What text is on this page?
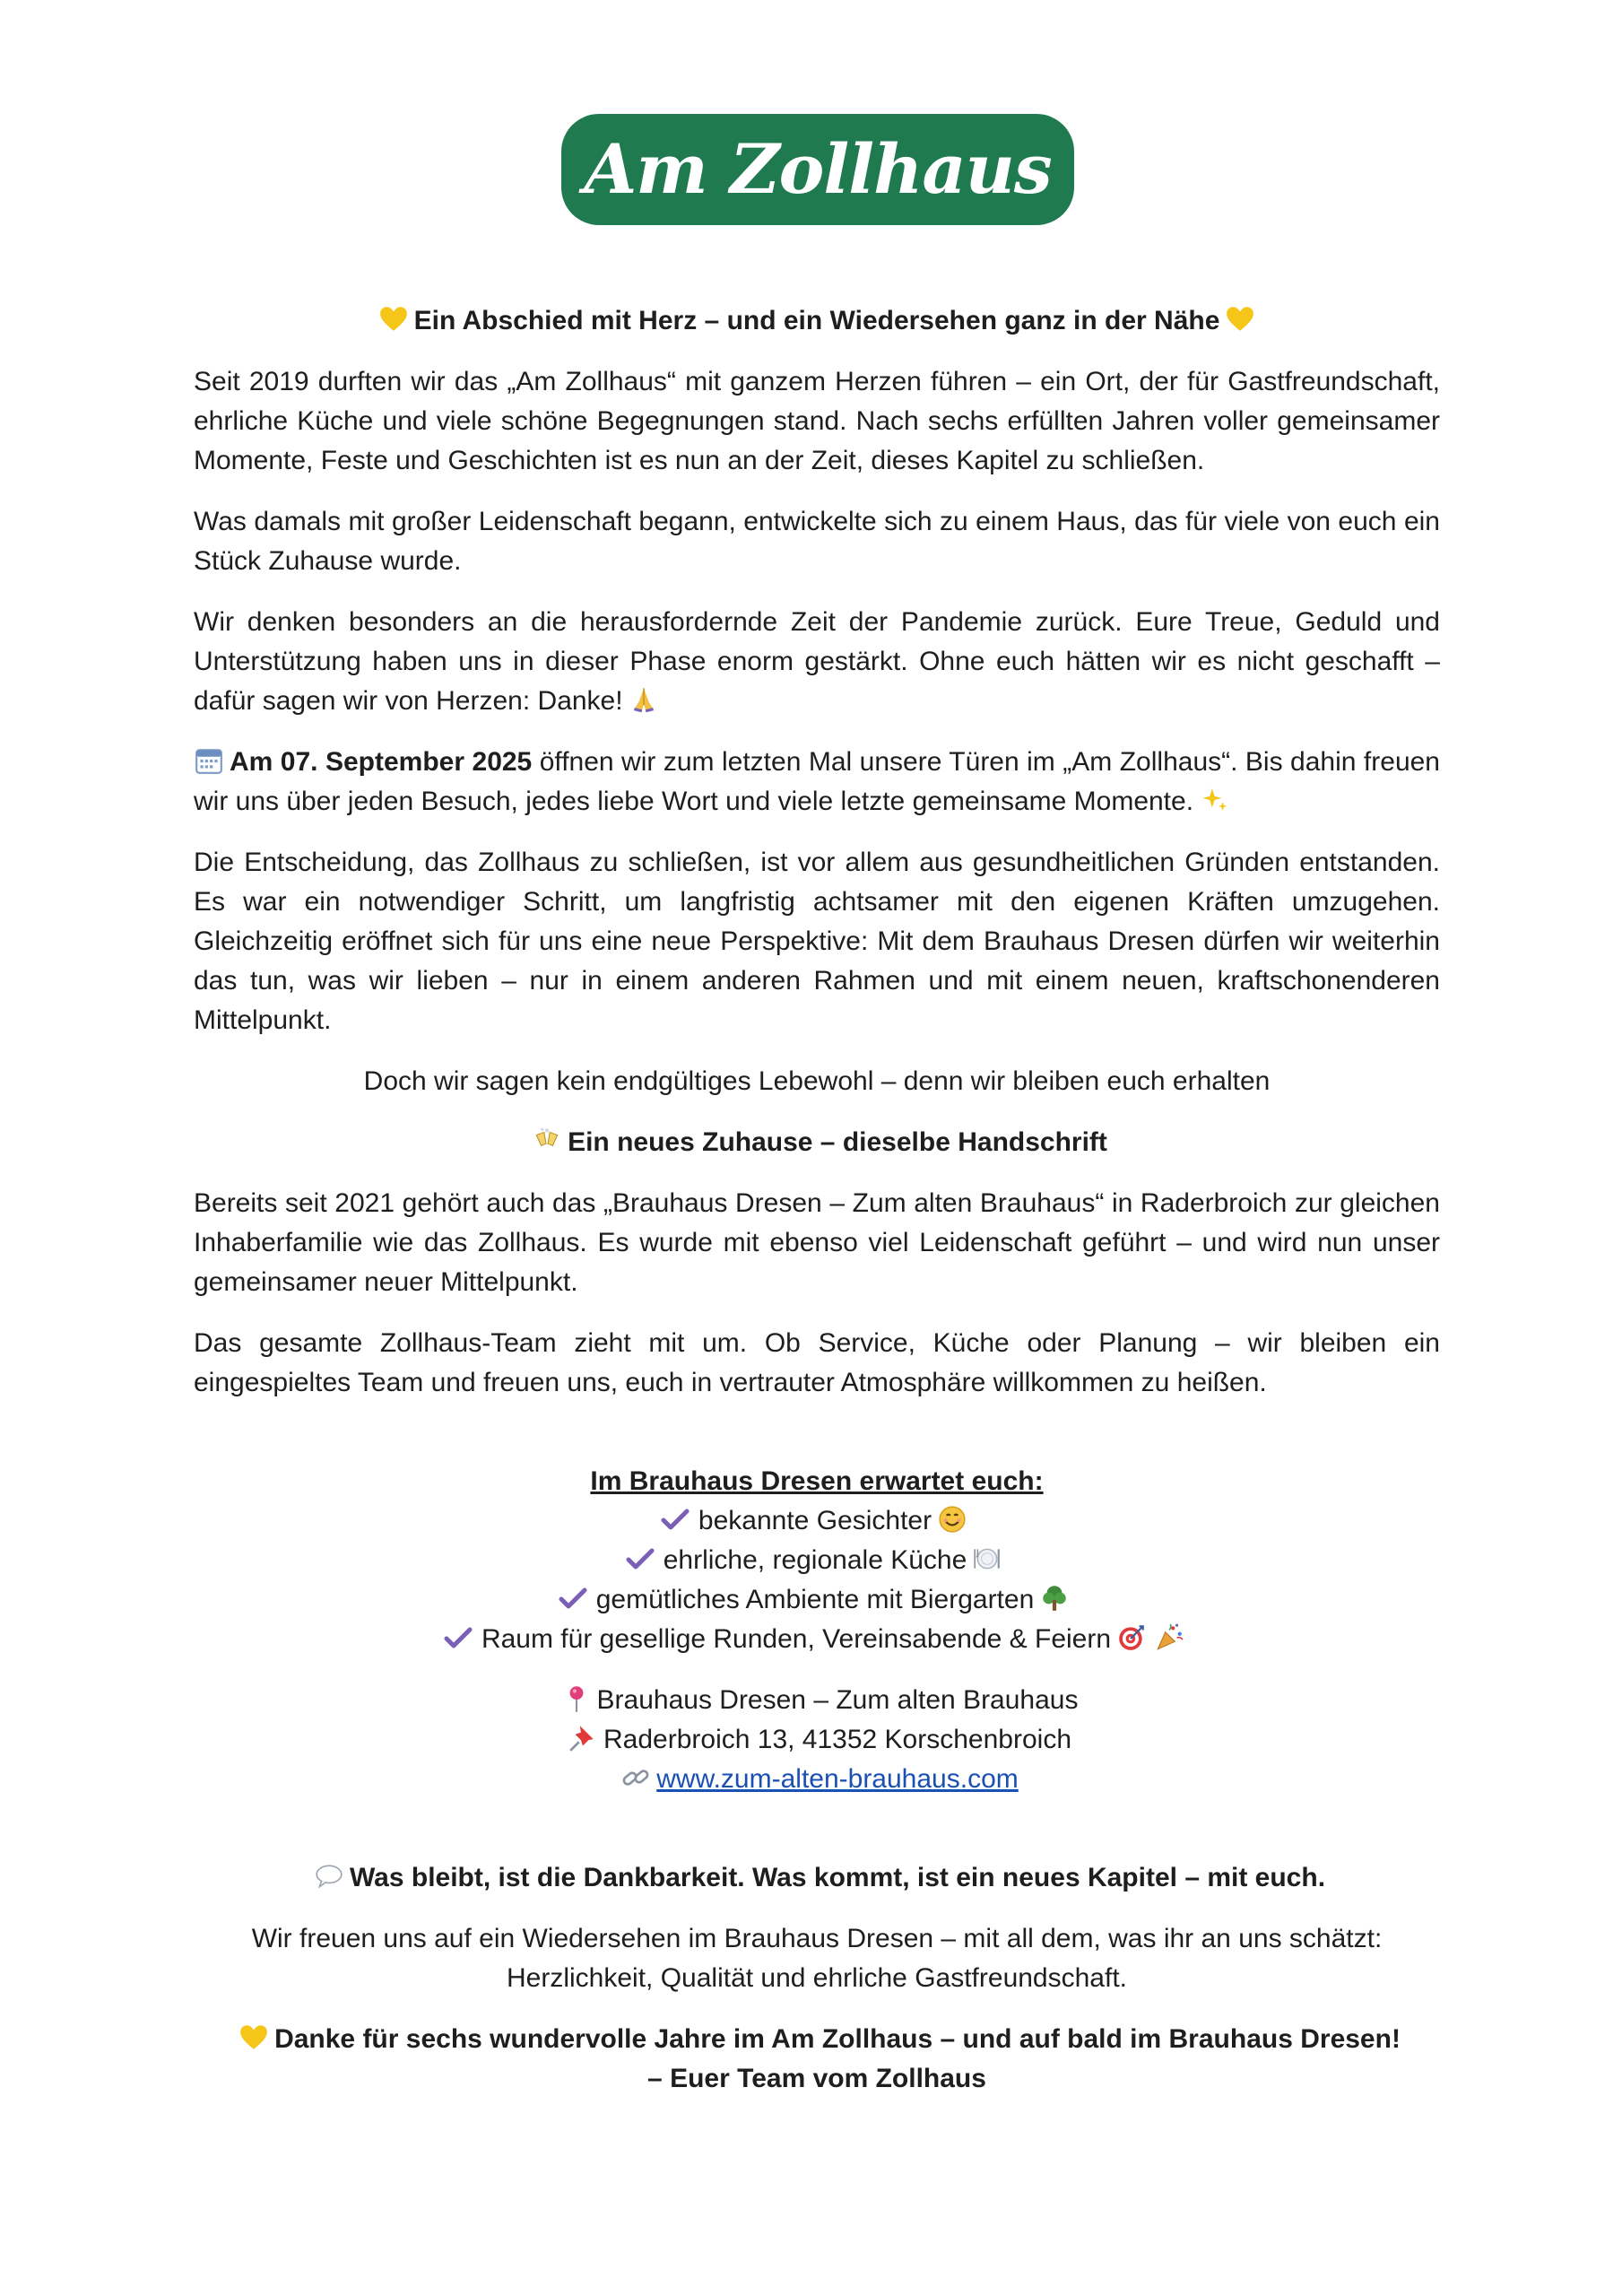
Am Zollhaus

Ein Abschied mit Herz – und ein Wiedersehen ganz in der Nähe

Seit 2019 durften wir das „Am Zollhaus“ mit ganzem Herzen führen – ein Ort, der für Gastfreundschaft, ehrliche Küche und viele schöne Begegnungen stand. Nach sechs erfüllten Jahren voller gemeinsamer Momente, Feste und Geschichten ist es nun an der Zeit, dieses Kapitel zu schließen.

Was damals mit großer Leidenschaft begann, entwickelte sich zu einem Haus, das für viele von euch ein Stück Zuhause wurde.

Wir denken besonders an die herausfordernde Zeit der Pandemie zurück. Eure Treue, Geduld und Unterstützung haben uns in dieser Phase enorm gestärkt. Ohne euch hätten wir es nicht geschafft – dafür sagen wir von Herzen: Danke!

Am 07. September 2025 öffnen wir zum letzten Mal unsere Türen im „Am Zollhaus“. Bis dahin freuen wir uns über jeden Besuch, jedes liebe Wort und viele letzte gemeinsame Momente.

Die Entscheidung, das Zollhaus zu schließen, ist vor allem aus gesundheitlichen Gründen entstanden. Es war ein notwendiger Schritt, um langfristig achtsamer mit den eigenen Kräften umzugehen. Gleichzeitig eröffnet sich für uns eine neue Perspektive: Mit dem Brauhaus Dresen dürfen wir weiterhin das tun, was wir lieben – nur in einem anderen Rahmen und mit einem neuen, kraftschonenderen Mittelpunkt.

Doch wir sagen kein endgültiges Lebewohl – denn wir bleiben euch erhalten

Ein neues Zuhause – dieselbe Handschrift

Bereits seit 2021 gehört auch das „Brauhaus Dresen – Zum alten Brauhaus“ in Raderbroich zur gleichen Inhaberfamilie wie das Zollhaus. Es wurde mit ebenso viel Leidenschaft geführt – und wird nun unser gemeinsamer neuer Mittelpunkt.

Das gesamte Zollhaus-Team zieht mit um. Ob Service, Küche oder Planung – wir bleiben ein eingespieltes Team und freuen uns, euch in vertrauter Atmosphäre willkommen zu heißen.

Im Brauhaus Dresen erwartet euch:

bekannte Gesichter

ehrliche, regionale Küche

gemütliches Ambiente mit Biergarten

Raum für gesellige Runden, Vereinsabende & Feiern

Brauhaus Dresen – Zum alten Brauhaus

Raderbroich 13, 41352 Korschenbroich

www.zum-alten-brauhaus.com

Was bleibt, ist die Dankbarkeit. Was kommt, ist ein neues Kapitel – mit euch.

Wir freuen uns auf ein Wiedersehen im Brauhaus Dresen – mit all dem, was ihr an uns schätzt:

Herzlichkeit, Qualität und ehrliche Gastfreundschaft.

Danke für sechs wundervolle Jahre im Am Zollhaus – und auf bald im Brauhaus Dresen!

– Euer Team vom Zollhaus
